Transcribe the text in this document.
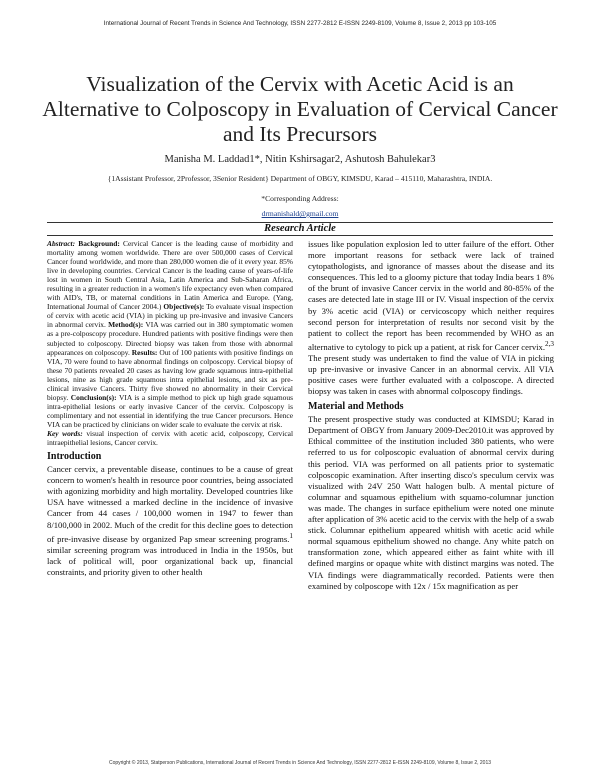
International Journal of Recent Trends in Science And Technology, ISSN 2277-2812 E-ISSN 2249-8109, Volume 8, Issue 2, 2013 pp 103-105
Visualization of the Cervix with Acetic Acid is an Alternative to Colposcopy in Evaluation of Cervical Cancer and Its Precursors
Manisha M. Laddad1*, Nitin Kshirsagar2, Ashutosh Bahulekar3
{1Assistant Professor, 2Professor, 3Senior Resident} Department of OBGY, KIMSDU, Karad – 415110, Maharashtra, INDIA.
*Corresponding Address:
drmanishald@gmail.com
Research Article

Abstract: Background: Cervical Cancer is the leading cause of morbidity and mortality among women worldwide. There are over 500,000 cases of Cervical Cancer found worldwide, and more than 280,000 women die of it every year. 85% live in developing countries. Cervical Cancer is the leading cause of years-of-life lost in women in South Central Asia, Latin America and Sub-Saharan Africa, resulting in a greater reduction in a women's life expectancy even when compared with AID's, TB, or maternal conditions in Latin America and Europe. (Yang, International Journal of Cancer 2004.) Objective(s): To evaluate visual inspection of cervix with acetic acid (VIA) in picking up pre-invasive and invasive Cancers in abnormal cervix. Method(s): VIA was carried out in 380 symptomatic women as a pre-colposcopy procedure. Hundred patients with positive findings were then subjected to colposcopy. Directed biopsy was taken from those with abnormal appearances on colposcopy. Results: Out of 100 patients with positive findings on VIA, 70 were found to have abnormal findings on colposcopy. Cervical biopsy of these 70 patients revealed 20 cases as having low grade squamous intra-epithelial lesions, nine as high grade squamous intra epithelial lesions, and six as pre-clinical invasive Cancers. Thirty five showed no abnormality in their Cervical biopsy. Conclusion(s): VIA is a simple method to pick up high grade squamous intra-epithelial lesions or early invasive Cancer of the cervix. Colposcopy is complimentary and not essential in identifying the true Cancer precursors. Hence VIA can be practiced by clinicians on wider scale to evaluate the cervix at risk.

Key words: visual inspection of cervix with acetic acid, colposcopy, Cervical intraepithelial lesions, Cancer cervix.

Introduction

Cancer cervix, a preventable disease, continues to be a cause of great concern to women's health in resource poor countries, being associated with agonizing morbidity and high mortality. Developed countries like USA have witnessed a marked decline in the incidence of invasive Cancer from 44 cases / 100,000 women in 1947 to fewer than 8/100,000 in 2002. Much of the credit for this decline goes to detection of pre-invasive disease by organized Pap smear screening programs.$^1$ similar screening program was introduced in India in the 1950s, but lack of political will, poor organizational back up, financial constraints, and priority given to other health

issues like population explosion led to utter failure of the effort. Other more important reasons for setback were lack of trained cytopathologists, and ignorance of masses about the disease and its consequences. This led to a gloomy picture that today India bears 1 8% of the brunt of invasive Cancer cervix in the world and 80-85% of the cases are detected late in stage III or IV. Visual inspection of the cervix by 3% acetic acid (VIA) or cervicoscopy which neither requires second person for interpretation of results nor second visit by the patient to collect the report has been recommended by WHO as an alternative to cytology to pick up a patient, at risk for Cancer cervix.$^{2,3}$ The present study was undertaken to find the value of VIA in picking up pre-invasive or invasive Cancer in an abnormal cervix. All VIA positive cases were further evaluated with a colposcope. A directed biopsy was taken in cases with abnormal colposcopy findings.

Material and Methods

The present prospective study was conducted at KIMSDU; Karad in Department of OBGY from January 2009-Dec2010.it was approved by Ethical committee of the institution included 380 patients, who were referred to us for colposcopic evaluation of abnormal cervix during this period. VIA was performed on all patients prior to systematic colposcopic examination. After inserting disco's speculum cervix was visualized with 24V 250 Watt halogen bulb. A mental picture of columnar and squamous epithelium with squamo-columnar junction was made. The changes in surface epithelium were noted one minute after application of 3% acetic acid to the cervix with the help of a swab stick. Columnar epithelium appeared whitish with acetic acid while normal squamous epithelium showed no change. Any white patch on transformation zone, which appeared either as faint white with ill defined margins or opaque white with distinct margins was noted. The VIA findings were diagrammatically recorded. Patients were then examined by colposcope with 12x / 15x magnification as per

Copyright © 2013, Statperson Publications, International Journal of Recent Trends in Science And Technology, ISSN 2277-2812 E-ISSN 2249-8109, Volume 8, Issue 2, 2013
